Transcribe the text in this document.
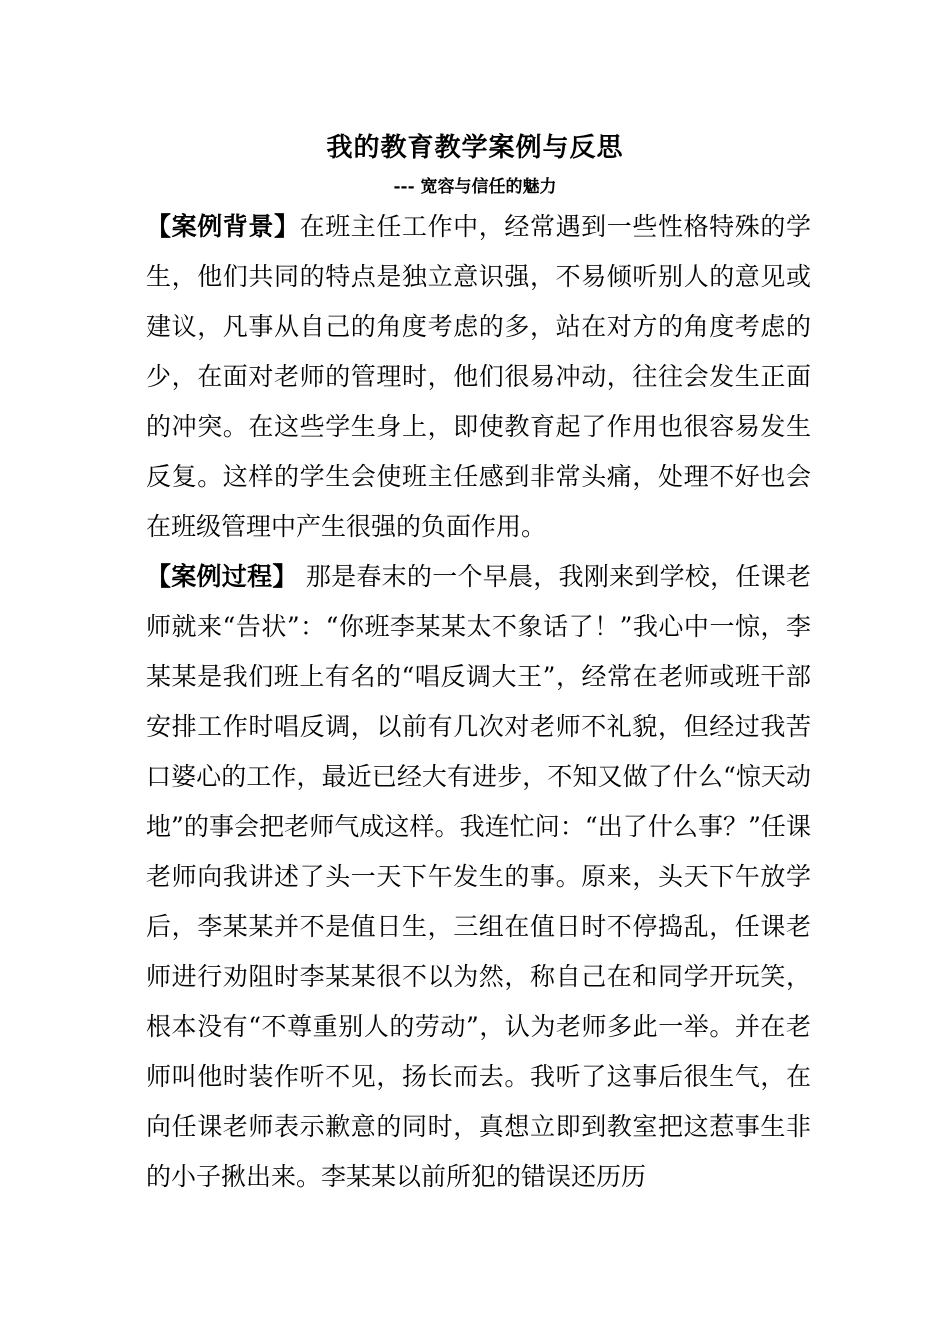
我的教育教学案例与反思
--- 宽容与信任的魅力

【案例背景】在班主任工作中，经常遇到一些性格特殊的学生，他们共同的特点是独立意识强，不易倾听别人的意见或建议，凡事从自己的角度考虑的多，站在对方的角度考虑的少，在面对老师的管理时，他们很易冲动，往往会发生正面的冲突。在这些学生身上，即使教育起了作用也很容易发生反复。这样的学生会使班主任感到非常头痛，处理不好也会在班级管理中产生很强的负面作用。

【案例过程】 那是春末的一个早晨，我刚来到学校，任课老师就来“告状”：“你班李某某太不象话了！”我心中一惊，李某某是我们班上有名的“唱反调大王”，经常在老师或班干部安排工作时唱反调，以前有几次对老师不礼貌，但经过我苦口婆心的工作，最近已经大有进步，不知又做了什么“惊天动地”的事会把老师气成这样。我连忙问：“出了什么事？”任课老师向我讲述了头一天下午发生的事。原来，头天下午放学后，李某某并不是值日生，三组在值日时不停捣乱，任课老师进行劝阻时李某某很不以为然，称自己在和同学开玩笑，根本没有“不尊重别人的劳动”，认为老师多此一举。并在老师叫他时装作听不见，扬长而去。我听了这事后很生气，在向任课老师表示歉意的同时，真想立即到教室把这惹事生非的小子揪出来。李某某以前所犯的错误还历历
